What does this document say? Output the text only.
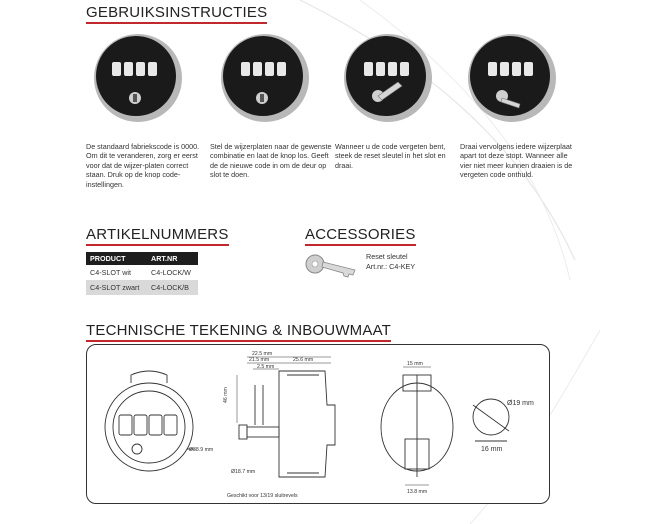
GEBRUIKSINSTRUCTIES
De standaard fabriekscode is 0000. Om dit te veranderen, zorg er eerst voor dat de wijzer-platen correct staan. Druk op de knop code-instellingen.
Stel de wijzerplaten naar de gewenste combinatie en laat de knop los. Geeft de de nieuwe code in om de deur op slot te doen.
Wanneer u de code vergeten bent, steek de reset sleutel in het slot en draai.
Draai vervolgens iedere wijzerplaat apart tot deze stopt. Wanneer alle vier niet meer kunnen draaien is de vergeten code onthuld.
ARTIKELNUMMERS
PRODUCT	ART.NR
C4-SLOT wit	C4-LOCK/W
C4-SLOT zwart	C4-LOCK/B
ACCESSORIES
Reset sleutel
Art.nr.: C4-KEY
TECHNISCHE TEKENING & INBOUWMAAT
22.5 mm
21.5 mm	25.6 mm
2.5 mm
46 mm
Ø18.7 mm
Ø38.9 mm
15 mm
13.8 mm
Ø19 mm
16 mm
Geschikt voor 13/19 sluitrevels
